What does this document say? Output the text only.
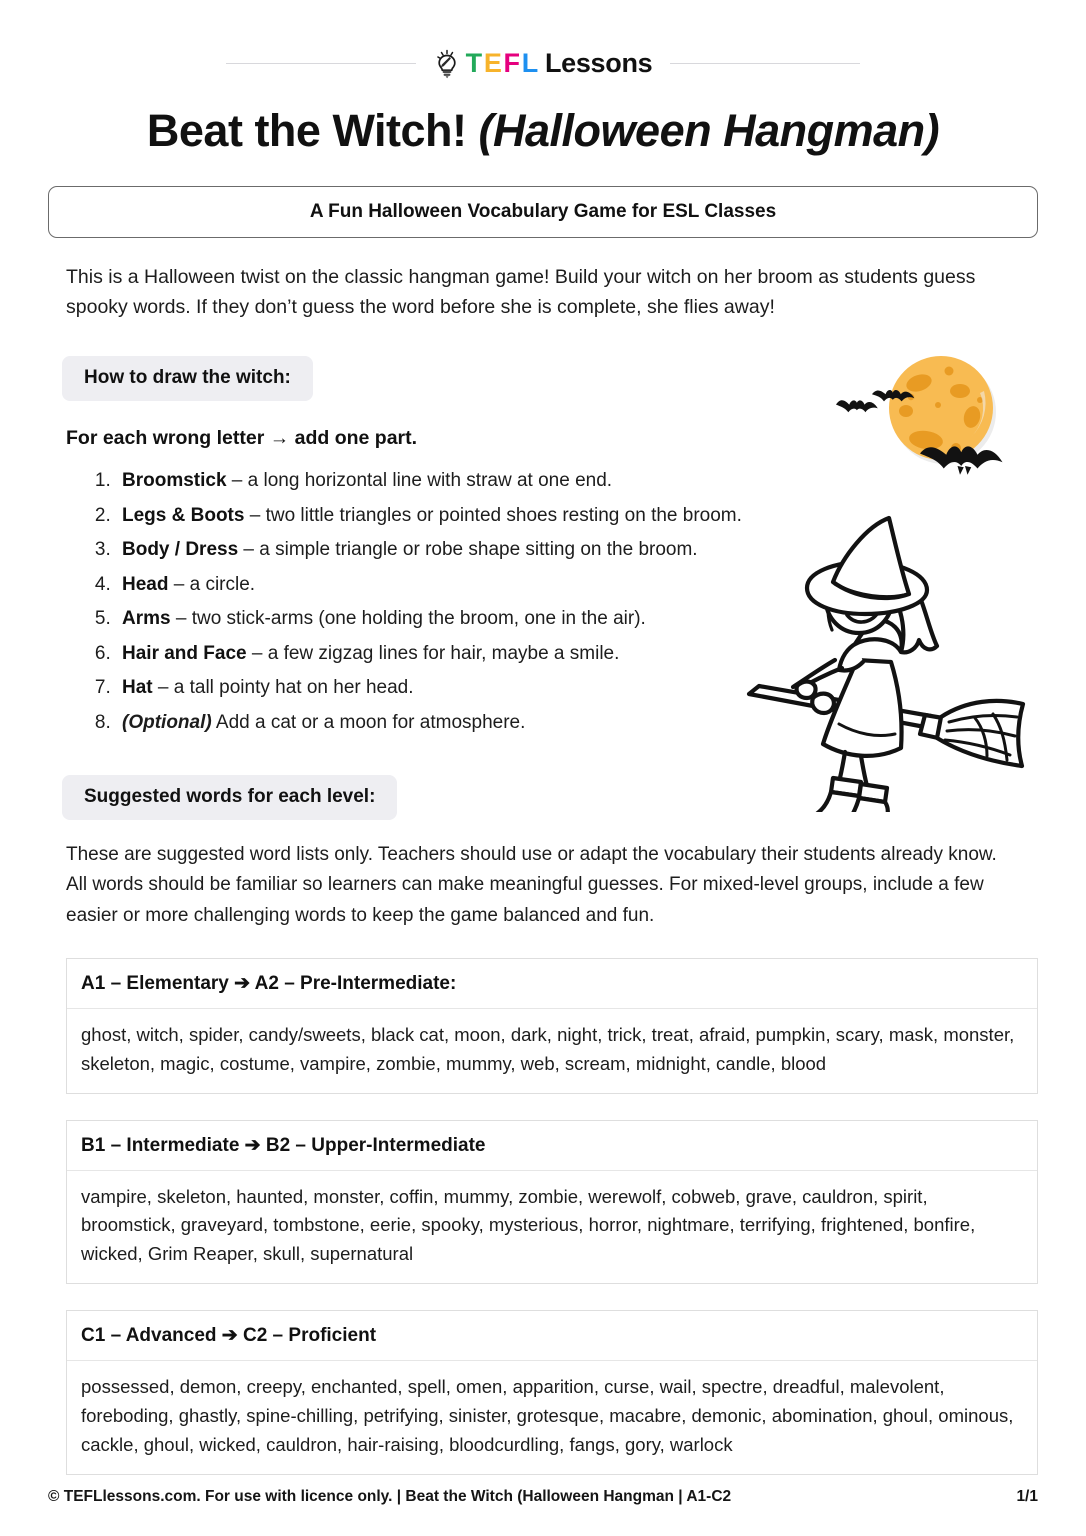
T E F L Lessons
Beat the Witch! (Halloween Hangman)
A Fun Halloween Vocabulary Game for ESL Classes

This is a Halloween twist on the classic hangman game! Build your witch on her broom as students guess spooky words. If they don’t guess the word before she is complete, she flies away!

How to draw the witch:
For each wrong letter → add one part.
1. Broomstick – a long horizontal line with straw at one end.
2. Legs & Boots – two little triangles or pointed shoes resting on the broom.
3. Body / Dress – a simple triangle or robe shape sitting on the broom.
4. Head – a circle.
5. Arms – two stick-arms (one holding the broom, one in the air).
6. Hair and Face – a few zigzag lines for hair, maybe a smile.
7. Hat – a tall pointy hat on her head.
8. (Optional) Add a cat or a moon for atmosphere.
Suggested words for each level:

These are suggested word lists only. Teachers should use or adapt the vocabulary their students already know. All words should be familiar so learners can make meaningful guesses. For mixed-level groups, include a few easier or more challenging words to keep the game balanced and fun.

A1 – Elementary ➔ A2 – Pre-Intermediate:
ghost, witch, spider, candy/sweets, black cat, moon, dark, night, trick, treat, afraid, pumpkin, scary, mask, monster, skeleton, magic, costume, vampire, zombie, mummy, web, scream, midnight, candle, blood
B1 – Intermediate ➔ B2 – Upper-Intermediate
vampire, skeleton, haunted, monster, coffin, mummy, zombie, werewolf, cobweb, grave, cauldron, spirit, broomstick, graveyard, tombstone, eerie, spooky, mysterious, horror, nightmare, terrifying, frightened, bonfire, wicked, Grim Reaper, skull, supernatural
C1 – Advanced ➔ C2 – Proficient
possessed, demon, creepy, enchanted, spell, omen, apparition, curse, wail, spectre, dreadful, malevolent, foreboding, ghastly, spine-chilling, petrifying, sinister, grotesque, macabre, demonic, abomination, ghoul, ominous, cackle, ghoul, wicked, cauldron, hair-raising, bloodcurdling, fangs, gory, warlock
© TEFLlessons.com. For use with licence only. | Beat the Witch (Halloween Hangman | A1-C2	1/1
